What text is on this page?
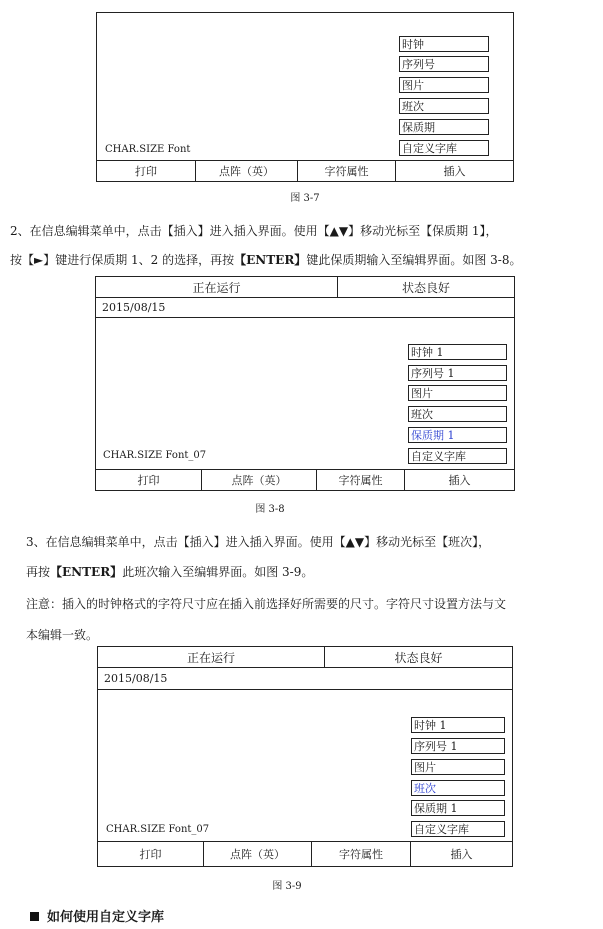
时钟
序列号
图片
班次
保质期
自定义字库
CHAR.SIZE Font
打印	点阵（英）	字符属性	插入
图 3-7
2、在信息编辑菜单中，点击【插入】进入插入界面。使用【▲▼】移动光标至【保质期 1】，
按【►】键进行保质期 1、2 的选择，再按【ENTER】键此保质期输入至编辑界面。如图 3-8。
正在运行	状态良好
2015/08/15
时钟 1
序列号 1
图片
班次
保质期 1
自定义字库
CHAR.SIZE Font_07
打印	点阵（英）	字符属性	插入
图 3-8
3、在信息编辑菜单中，点击【插入】进入插入界面。使用【▲▼】移动光标至【班次】，
再按【ENTER】此班次输入至编辑界面。如图 3-9。
注意：插入的时钟格式的字符尺寸应在插入前选择好所需要的尺寸。字符尺寸设置方法与文
本编辑一致。
正在运行	状态良好
2015/08/15
时钟 1
序列号 1
图片
班次
保质期 1
自定义字库
CHAR.SIZE Font_07
打印	点阵（英）	字符属性	插入
图 3-9
如何使用自定义字库
